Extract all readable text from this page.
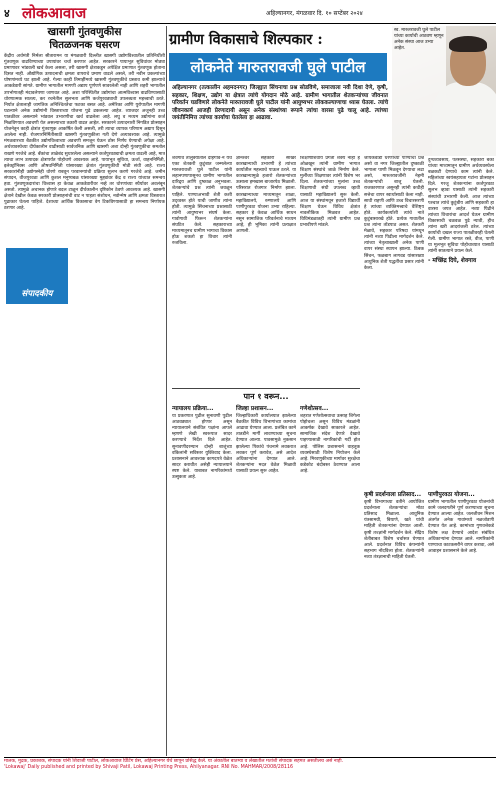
४ लोकआवाज	अहिल्यानगर, मंगळवार दि. १० सप्टेंबर २०२४
खासगी गुंतवणुकीस
चितळजनक घसरण
केंद्रीय अर्थमंत्री निर्मला सीतारामन या मंगळवारी दिल्लीत खासगी उद्योगविश्वातील प्रतिनिधींशी गुंतवणूक वाढविण्याच्या उपायांवर चर्चा करणार आहेत. सरकारने पायाभूत सुविधांवर मोठ्या प्रमाणावर भांडवली खर्च केला असला, तरी खासगी क्षेत्राकडून अपेक्षित प्रमाणात गुंतवणूक होताना दिसत नाही. औद्योगिक उत्पादनाची क्षमता वापराचे प्रमाण वाढले असले, तरी नवीन प्रकल्पांच्या घोषणांमध्ये घट झाली आहे. गेल्या काही तिमाहींमध्ये खासगी गुंतवणुकीचे प्रस्ताव कमी झाल्याचे आकडेवारी सांगते. ग्रामीण भागातील मागणी अद्याप पूर्णपणे सावरलेली नाही आणि शहरी भागातील उपभोगातही मंदावलेपणा जाणवत आहे. अशा परिस्थितीत उद्योगांचा आत्मविश्वास वाढविण्यासाठी धोरणात्मक सातत्य, कर रचनेतील सुलभता आणि कर्जपुरवठ्याची उपलब्धता महत्त्वाची ठरते. निर्यात क्षेत्रालाही जागतिक अनिश्चिततेचा फटका बसत आहे. अमेरिका आणि युरोपातील मागणी घटल्याने अनेक उद्योगांनी विस्ताराच्या योजना पुढे ढकलल्या आहेत. व्याजदर अजूनही उच्च पातळीवर असल्याने भांडवल उभारणीचा खर्च वाढलेला आहे. लघु व मध्यम उद्योगांना कर्ज मिळविण्यात अडचणी येत असल्याच्या तक्रारी वाढत आहेत. सरकारने उत्पादनाशी निगडित प्रोत्साहन योजनेतून काही क्षेत्रांत गुंतवणूक आकर्षित केली असली, तरी त्याचा व्यापक परिणाम अद्याप दिसून आलेला नाही. रोजगारनिर्मितीसाठी खासगी गुंतवणुकीला गती देणे अत्यावश्यक आहे. त्यामुळे मंगळवारच्या बैठकीत उद्योगविश्वाच्या अडचणी समजून घेऊन ठोस निर्णय घेण्याची अपेक्षा आहे. अर्थव्यवस्थेच्या दीर्घकालीन वाढीसाठी सार्वजनिक आणि खासगी अशा दोन्ही गुंतवणुकीचा समतोल राखणे गरजेचे आहे. बँकांचा ताळेबंद सुधारलेला असल्याने कर्जपुरवठ्याची क्षमता वाढली आहे, मात्र त्याचा लाभ उत्पादक क्षेत्रापर्यंत पोहोचणे आवश्यक आहे. पायाभूत सुविधा, ऊर्जा, वाहननिर्मिती, इलेक्ट्रॉनिक्स आणि औषधनिर्मिती यांसारख्या क्षेत्रांत गुंतवणुकीची मोठी संधी आहे. राज्य सरकारांनीही उद्योगस्नेही धोरणे राबवून परवानग्यांची प्रक्रिया सुलभ करणे गरजेचे आहे. जमीन संपादन, वीजपुरवठा आणि कुशल मनुष्यबळ यांसारख्या मुद्द्यांवर केंद्र व राज्य यांच्यात समन्वय हवा. गुंतवणूकदारांचा विश्वास हा केवळ आकडेवारीवर नव्हे तर धोरणांच्या स्थैर्यावर अवलंबून असतो. त्यामुळे अचानक होणारे बदल टाळून दीर्घकालीन दृष्टिकोन ठेवणे आवश्यक आहे. खासगी क्षेत्राने देखील केवळ सरकारी प्रोत्साहनांची वाट न पाहता संशोधन, नवोन्मेष आणि क्षमता विस्तारात पुढाकार घेतला पाहिजे. देशाच्या आर्थिक विकासाचा वेग टिकविण्यासाठी हा समन्वय निर्णायक ठरणार आहे.
संपादकीय
ग्रामीण विकासाचे शिल्पकार :
लोकनेते मारुतरावजी घुले पाटील
स्व. मारुतरावजी घुले पाटील यांच्या कार्याची आठवण म्हणून अनेक संस्था आज उभ्या आहेत.
अहिल्यानगर (तत्कालीन अहमदनगर) जिल्ह्यात सिंचनाचा प्रश्न सोडविणे, समाजाला नवी दिशा देणे, कृषी, सहकार, शिक्षण, उद्योग या क्षेत्रात त्यांचे योगदान मोठे आहे. ग्रामीण भागातील शेतकऱ्यांच्या जीवनात परिवर्तन घडविणारे लोकनेते मारुतरावजी घुले पाटील यांनी आयुष्यभर लोककल्याणाचा ध्यास घेतला. त्यांचे जीवनकार्य आजही प्रेरणादायी असून अनेक संस्थांच्या रूपाने त्यांचा वारसा पुढे चालू आहे. त्यांच्या जयंतीनिमित्त त्यांच्या कार्याचा घेतलेला हा आढावा.
शेवगाव तालुक्यातील दहिगाव-ने येथे एका शेतकरी कुटुंबात जन्मलेल्या मारुतरावजी घुले पाटील यांनी लहानपणापासूनच ग्रामीण भागातील दारिद्र्य आणि दुष्काळ अनुभवला. शेतकऱ्यांचे प्रश्न त्यांनी जवळून पाहिले. पाण्याअभावी शेती कशी उद्ध्वस्त होते याची जाणीव त्यांना होती. त्यामुळे सिंचनाच्या प्रश्नासाठी त्यांनी आयुष्यभर संघर्ष केला. गावोगावी फिरून शेतकऱ्यांना संघटित केले. सहकाराच्या माध्यमातूनच ग्रामीण भागाचा विकास होऊ शकतो हा विचार त्यांनी रुजविला.
ज्ञानेश्वर सहकारी साखर कारखान्याची उभारणी हे त्यांच्या कार्यातील महत्त्वाचे पाऊल ठरले. या कारखान्यामुळे हजारो शेतकऱ्यांच्या ऊसाला हमखास बाजारपेठ मिळाली. परिसरात रोजगार निर्माण झाला. कारखान्याच्या माध्यमातून शाळा, महाविद्यालये, रुग्णालये आणि पाणीपुरवठा योजना उभ्या राहिल्या. सहकार हे केवळ आर्थिक साधन नसून सामाजिक परिवर्तनाचे माध्यम आहे, ही भूमिका त्यांनी प्रत्यक्षात आणली.
शिक्षणाशिवाय प्रगती शक्य नाही हे ओळखून त्यांनी ग्रामीण भागात शिक्षण संस्थांचे जाळे निर्माण केले. मुलींच्या शिक्षणावर त्यांनी विशेष भर दिला. शेतकऱ्यांच्या मुलांना उच्च शिक्षणाची संधी उपलब्ध व्हावी यासाठी महाविद्यालये सुरू केली. आज या संस्थांमधून हजारो विद्यार्थी शिक्षण घेऊन विविध क्षेत्रांत नावलौकिक मिळवत आहेत. विधिमंडळातही त्यांनी ग्रामीण प्रश्न प्रभावीपणे मांडले.
जायकवाडी धरणाच्या पाण्याचा प्रश्न असो वा नगर जिल्ह्यातील दुष्काळी भागाला पाणी मिळवून देण्याचा लढा असो, मारुतरावजींनी नेहमी शेतकऱ्यांची बाजू घेतली. राजकारणात असूनही त्यांनी कधीही सत्तेचा वापर स्वार्थासाठी केला नाही. साधी राहणी आणि उच्च विचारसरणी हे त्यांच्या व्यक्तिमत्त्वाचे वैशिष्ट्य होते. कार्यकर्त्यांशी त्यांचे नाते कुटुंबासारखे होते. प्रत्येक गावातील प्रश्न त्यांना तोंडपाठ असत. शेतकरी मेळावे, सहकार परिषदा यांमधून त्यांनी नव्या पिढीला मार्गदर्शन केले. त्यांच्या नेतृत्वाखाली अनेक पाणी वापर संस्था स्थापन झाल्या. ठिबक सिंचन, फळबाग लागवड यांसारख्या आधुनिक शेती पद्धतींचा प्रसार त्यांनी केला.
दुग्धव्यवसाय, पतसंस्था, सहकारी बँका यांच्या माध्यमातून ग्रामीण अर्थव्यवस्थेला बळकटी देण्याचे काम त्यांनी केले. महिलांच्या स्वयंसहायता गटांना प्रोत्साहन दिले. गरजू शेतकऱ्यांना कर्जपुरवठा सुलभ व्हावा यासाठी त्यांनी सहकारी संस्थांची उभारणी केली. आज त्यांच्या पश्चात त्यांचे कुटुंबीय आणि सहकारी हा वारसा जपत आहेत. नव्या पिढीने त्यांच्या विचारांचा आदर्श घेऊन ग्रामीण विकासाची चळवळ पुढे न्यावी, हीच त्यांना खरी आदरांजली ठरेल. त्यांच्या कार्याची दखल राज्य पातळीवरही घेतली गेली. ग्रामीण भागात रस्ते, वीज, पाणी या मूलभूत सुविधा पोहोचाव्यात यासाठी त्यांनी सातत्याने प्रयत्न केले.
- मच्छिंद्र दिघे, शेवगाव
पान १ वरून...
न्यायालय प्रक्रिया...
या प्रकरणात पुढील सुनावणी पुढील आठवड्यात होणार असून न्यायालयाने संबंधित पक्षांना आपले म्हणणे लेखी स्वरूपात सादर करण्याचे निर्देश दिले आहेत. सुनावणीदरम्यान दोन्ही बाजूंच्या वकिलांनी सविस्तर युक्तिवाद केला. प्रशासनाने आवश्यक कागदपत्रे वेळेत सादर करावीत असेही न्यायालयाने स्पष्ट केले. याबाबत नागरिकांमध्ये उत्सुकता आहे.
जिल्हा प्रशासन...
जिल्हाधिकारी कार्यालयात झालेल्या बैठकीत विविध विभागांच्या कामांचा आढावा घेण्यात आला. प्रलंबित कामे तातडीने मार्गी लावण्याच्या सूचना देण्यात आल्या. पावसामुळे नुकसान झालेल्या पिकांचे पंचनामे लवकरात लवकर पूर्ण करावेत, असे आदेश अधिकाऱ्यांना देण्यात आले. शेतकऱ्यांना मदत वेळेत मिळावी यासाठी प्रयत्न सुरू आहेत.
गणेशोत्सव...
शहरात गणेशोत्सवाचा उत्साह शिगेला पोहोचला असून विविध मंडळांनी आकर्षक देखावे साकारले आहेत. सामाजिक संदेश देणारे देखावे पाहण्यासाठी नागरिकांची गर्दी होत आहे. पोलिस प्रशासनाने वाहतूक व्यवस्थेसाठी विशेष नियोजन केले आहे. मिरवणुकीच्या मार्गावर सुरक्षेचा कडेकोट बंदोबस्त ठेवण्यात आला आहे.
कृषी प्रदर्शनाला प्रतिसाद...
कृषी विभागाच्या वतीने आयोजित प्रदर्शनाला शेतकऱ्यांचा मोठा प्रतिसाद मिळाला. आधुनिक यंत्रसामग्री, बियाणे, खते यांची माहिती शेतकऱ्यांना देण्यात आली. कृषी तज्ज्ञांनी मार्गदर्शन केले. सेंद्रिय शेतीबाबत विशेष चर्चासत्र घेण्यात आले. प्रदर्शनात विविध कंपन्यांनी सहभाग नोंदविला होता. शेतकऱ्यांनी नव्या तंत्रज्ञानाची माहिती घेतली.
पाणीपुरवठा योजना...
ग्रामीण भागातील पाणीपुरवठा योजनांची कामे जलदगतीने पूर्ण करण्याच्या सूचना देण्यात आल्या आहेत. जलजीवन मिशन अंतर्गत अनेक गावांमध्ये नळजोडणी देण्यात येत आहे. कामांच्या गुणवत्तेकडे विशेष लक्ष देण्याचे आदेश संबंधित अधिकाऱ्यांना देण्यात आले. नागरिकांनी पाण्याचा काटकसरीने वापर करावा, असे आवाहन प्रशासनाने केले आहे.
मालक, मुद्रक, प्रकाशक, संपादक यांनी शिवाजी पाटील, लोकआवाज प्रिंटिंग प्रेस, अहिल्यानगर येथे छापून प्रसिद्ध केले. या अंकातील बातम्या व लेखातील मतांशी संपादक सहमत असतीलच असे नाही.
'Lokawaj' Daily published and printed by Shivaji Patil, Lokawaj Printing Press, Ahilyanagar. RNI No. MAHMAR/2008/28116
